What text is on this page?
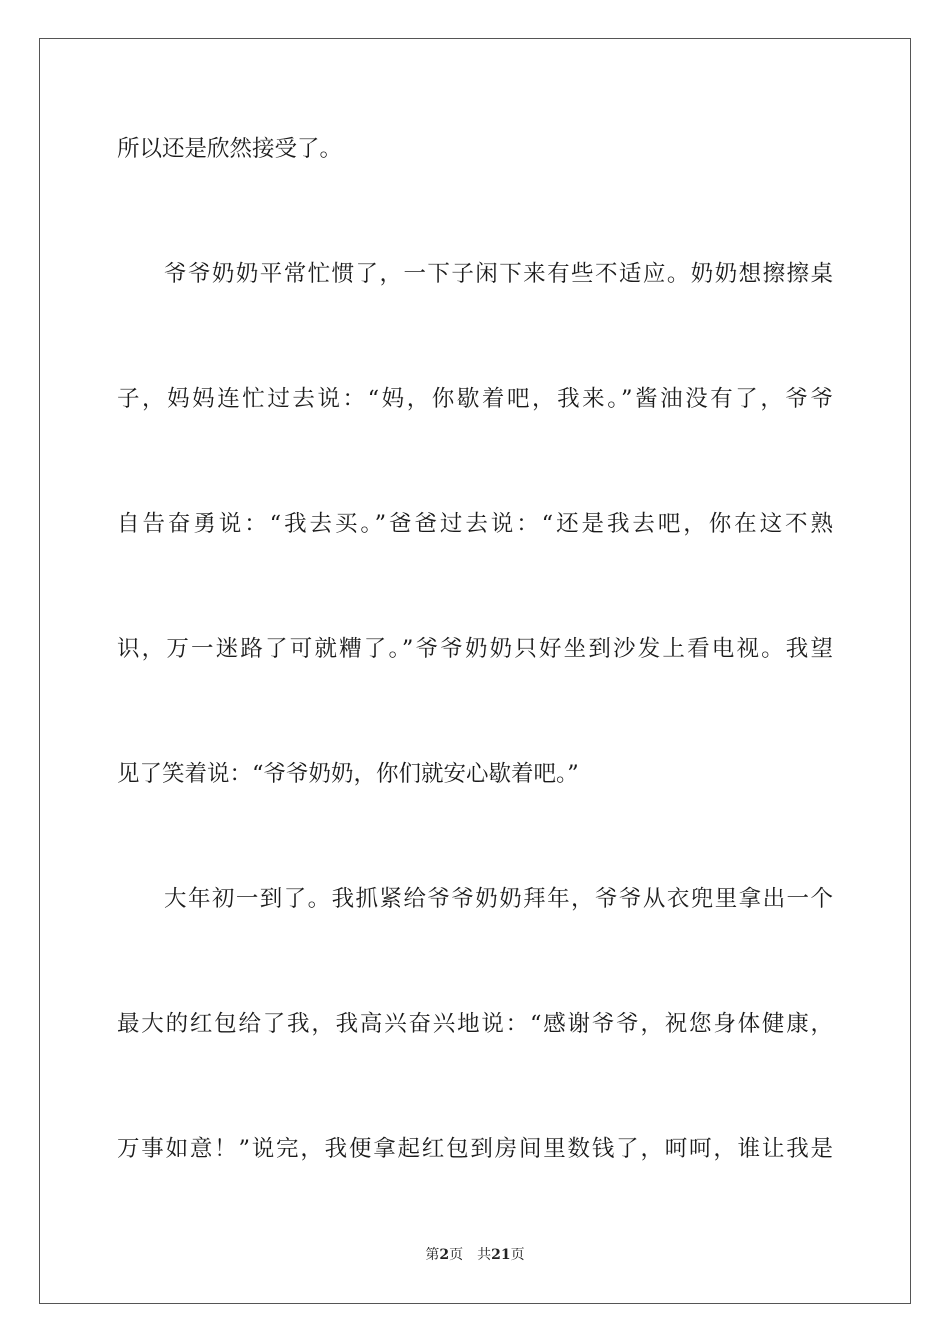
所以还是欣然接受了。
爷爷奶奶平常忙惯了，一下子闲下来有些不适应。奶奶想擦擦桌
子，妈妈连忙过去说：“妈，你歇着吧，我来。”酱油没有了，爷爷
自告奋勇说：“我去买。”爸爸过去说：“还是我去吧，你在这不熟
识，万一迷路了可就糟了。”爷爷奶奶只好坐到沙发上看电视。我望
见了笑着说：“爷爷奶奶，你们就安心歇着吧。”
大年初一到了。我抓紧给爷爷奶奶拜年，爷爷从衣兜里拿出一个
最大的红包给了我，我高兴奋兴地说：“感谢爷爷，祝您身体健康，
万事如意！”说完，我便拿起红包到房间里数钱了，呵呵，谁让我是
第2页 共21页
